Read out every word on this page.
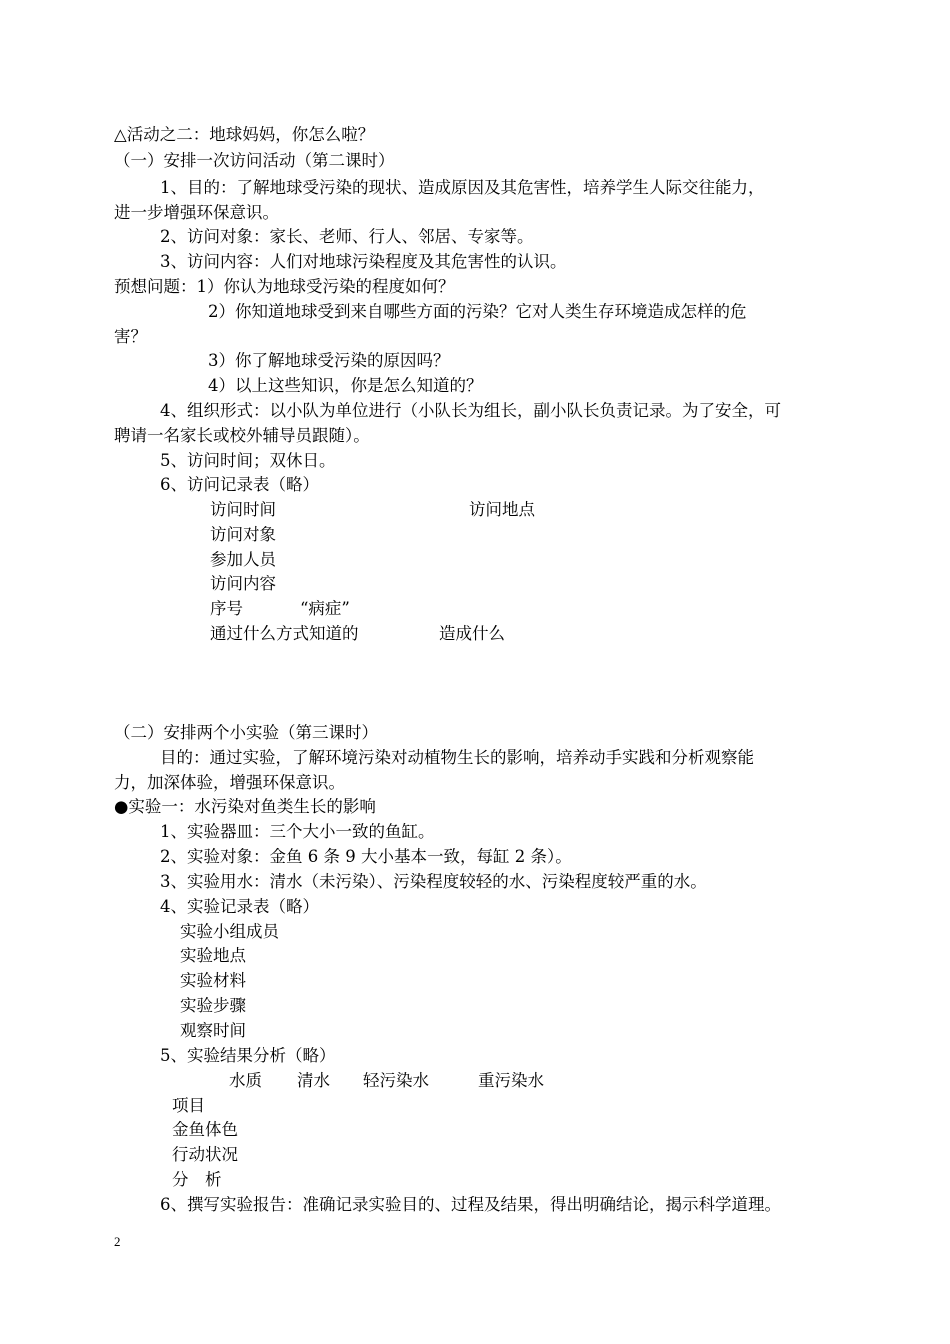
△活动之二：地球妈妈，你怎么啦？
（一）安排一次访问活动（第二课时）
1、目的：了解地球受污染的现状、造成原因及其危害性，培养学生人际交往能力，
进一步增强环保意识。
2、访问对象：家长、老师、行人、邻居、专家等。
3、访问内容：人们对地球污染程度及其危害性的认识。
预想问题：1）你认为地球受污染的程度如何？
2）你知道地球受到来自哪些方面的污染？它对人类生存环境造成怎样的危
害？
3）你了解地球受污染的原因吗？
4）以上这些知识，你是怎么知道的？
4、组织形式：以小队为单位进行（小队长为组长，副小队长负责记录。为了安全，可
聘请一名家长或校外辅导员跟随）。
5、访问时间；双休日。
6、访问记录表（略）
访问时间	访问地点
访问对象
参加人员
访问内容
序号	“病症”
通过什么方式知道的	造成什么
（二）安排两个小实验（第三课时）
目的：通过实验，了解环境污染对动植物生长的影响，培养动手实践和分析观察能
力，加深体验，增强环保意识。
●实验一：水污染对鱼类生长的影响
1、实验器皿：三个大小一致的鱼缸。
2、实验对象：金鱼 6 条 9 大小基本一致，每缸 2 条）。
3、实验用水：清水（未污染）、污染程度较轻的水、污染程度较严重的水。
4、实验记录表（略）
实验小组成员
实验地点
实验材料
实验步骤
观察时间
5、实验结果分析（略）
水质 清水 轻污染水	重污染水
项目
金鱼体色
行动状况
分　析
6、撰写实验报告：准确记录实验目的、过程及结果，得出明确结论，揭示科学道理。
2
